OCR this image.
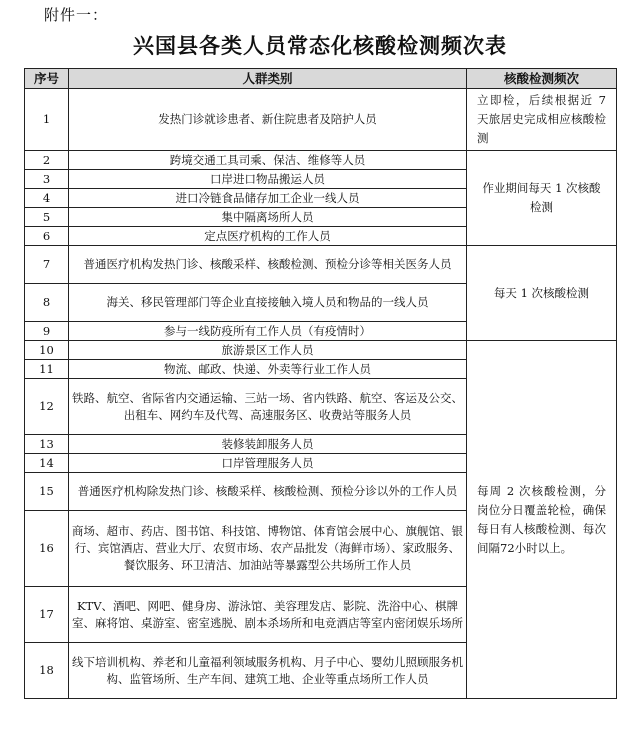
附件一：
兴国县各类人员常态化核酸检测频次表
序号	人群类别	核酸检测频次
1	发热门诊就诊患者、新住院患者及陪护人员	立即检，后续根据近 7 天旅居史完成相应核酸检测
2	跨境交通工具司乘、保洁、维修等人员	作业期间每天 1 次核酸检测
3	口岸进口物品搬运人员	
4	进口冷链食品储存加工企业一线人员	
5	集中隔离场所人员	
6	定点医疗机构的工作人员	
7	普通医疗机构发热门诊、核酸采样、核酸检测、预检分诊等相关医务人员	每天 1 次核酸检测
8	海关、移民管理部门等企业直接接触入境人员和物品的一线人员	
9	参与一线防疫所有工作人员（有疫情时）	
10	旅游景区工作人员	每周 2 次核酸检测，分岗位分日覆盖轮检，确保每日有人核酸检测、每次间隔72小时以上。
11	物流、邮政、快递、外卖等行业工作人员	
12	铁路、航空、省际省内交通运输、三站一场、省内铁路、航空、客运及公交、出租车、网约车及代驾、高速服务区、收费站等服务人员	
13	装修装卸服务人员	
14	口岸管理服务人员	
15	普通医疗机构除发热门诊、核酸采样、核酸检测、预检分诊以外的工作人员	
16	商场、超市、药店、图书馆、科技馆、博物馆、体育馆会展中心、旗舰馆、银行、宾馆酒店、营业大厅、农贸市场、农产品批发（海鲜市场）、家政服务、餐饮服务、环卫清洁、加油站等暴露型公共场所工作人员	
17	KTV、酒吧、网吧、健身房、游泳馆、美容理发店、影院、洗浴中心、棋牌室、麻将馆、桌游室、密室逃脱、剧本杀场所和电竞酒店等室内密闭娱乐场所	
18	线下培训机构、养老和儿童福利领域服务机构、月子中心、婴幼儿照顾服务机构、监管场所、生产车间、建筑工地、企业等重点场所工作人员	
